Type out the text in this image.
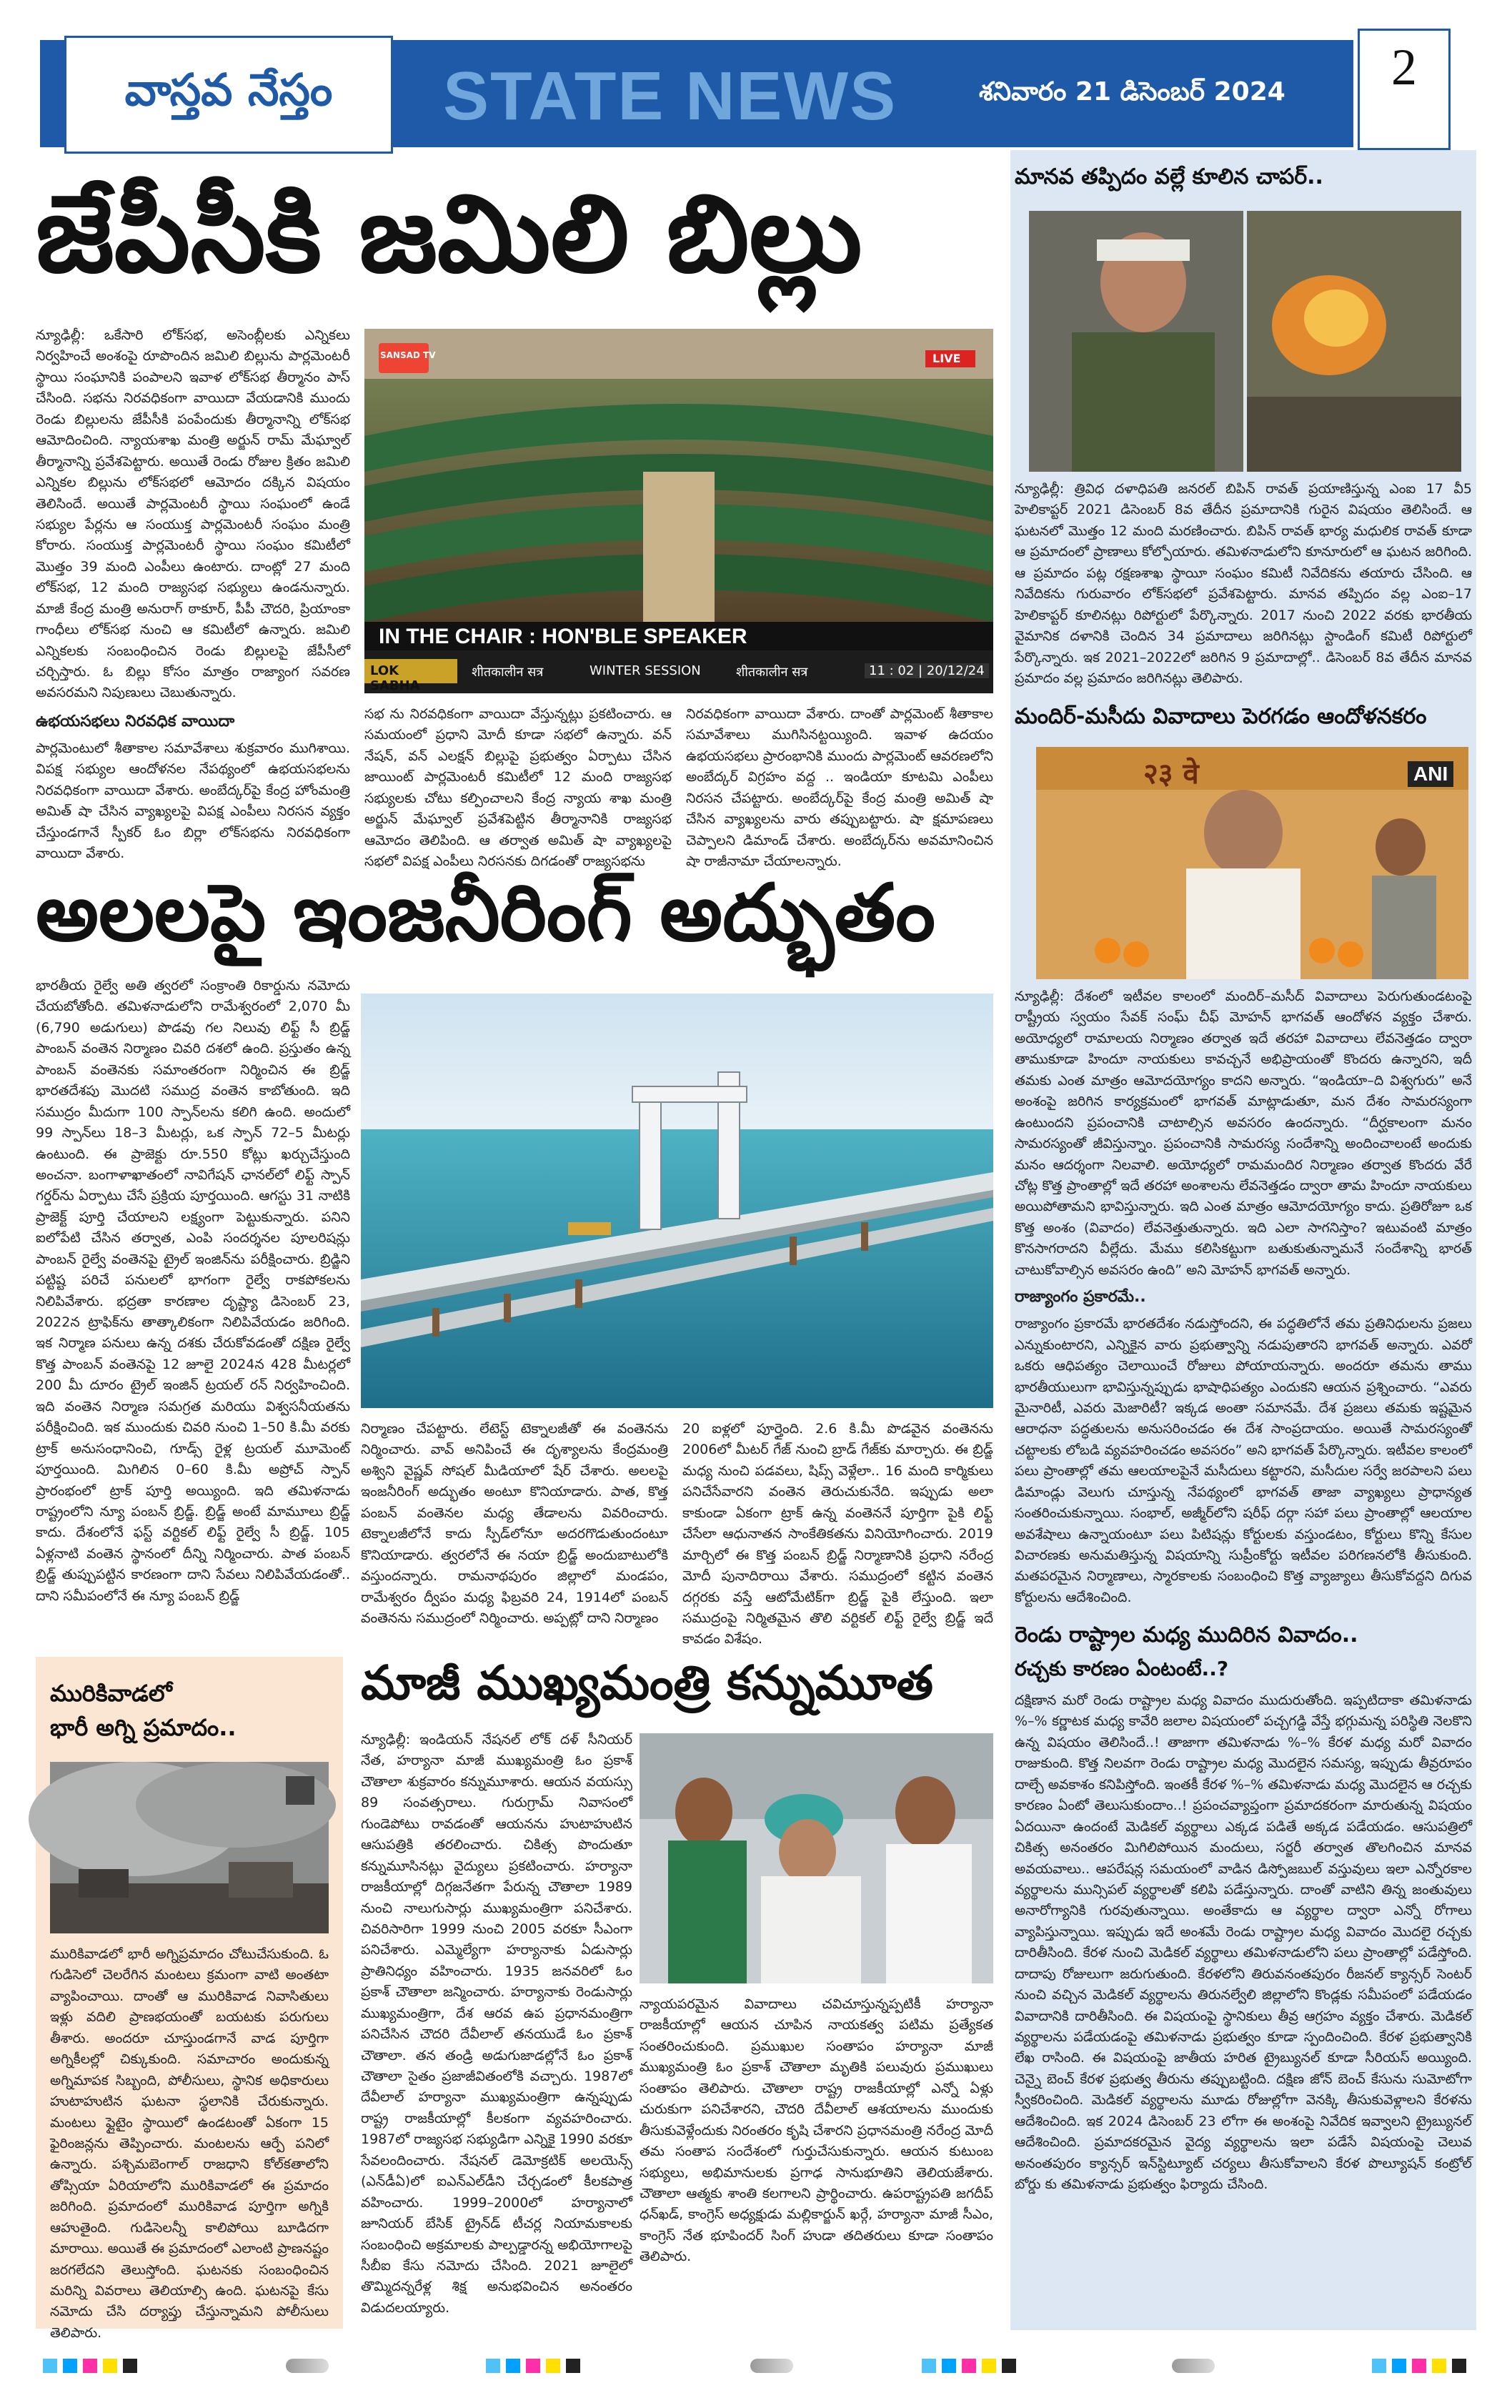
వాస్తవ నేస్తం	STATE NEWS	శనివారం 21 డిసెంబర్ 2024	2
జేపీసీకి జమిలి బిల్లు
న్యూఢిల్లీ: ఒకేసారి లోక్‌సభ, అసెంబ్లీలకు ఎన్నికలు నిర్వహించే అంశంపై రూపొందిన జమిలి బిల్లును పార్లమెంటరీ స్థాయి సంఘానికి పంపాలని ఇవాళ లోక్‌సభ తీర్మానం పాస్ చేసింది. సభను నిరవధికంగా వాయిదా వేయడానికి ముందు రెండు బిల్లులను జేపీసీకి పంపేందుకు తీర్మానాన్ని లోక్‌సభ ఆమోదించింది. న్యాయశాఖ మంత్రి అర్జున్ రామ్ మేఘ్వాల్ తీర్మానాన్ని ప్రవేశపెట్టారు. అయితే రెండు రోజుల క్రితం జమిలి ఎన్నికల బిల్లును లోక్‌సభలో ఆమోదం దక్కిన విషయం తెలిసిందే. అయితే పార్లమెంటరీ స్థాయి సంఘంలో ఉండే సభ్యుల పేర్లను ఆ సంయుక్త పార్లమెంటరీ సంఘం మంత్రి కోరారు. సంయుక్త పార్లమెంటరీ స్థాయి సంఘం కమిటీలో మొత్తం 39 మంది ఎంపీలు ఉంటారు. దాంట్లో 27 మంది లోక్‌సభ, 12 మంది రాజ్యసభ సభ్యులు ఉండనున్నారు. మాజీ కేంద్ర మంత్రి అనురాగ్ ఠాకూర్, పీపీ చౌదరి, ప్రియాంకా గాంధీలు లోక్‌సభ నుంచి ఆ కమిటీలో ఉన్నారు. జమిలి ఎన్నికలకు సంబంధించిన రెండు బిల్లులపై జేపీసీలో చర్చిస్తారు. ఓ బిల్లు కోసం మాత్రం రాజ్యాంగ సవరణ అవసరమని నిపుణులు చెబుతున్నారు.
ఉభయసభలు నిరవధిక వాయిదా
పార్లమెంటులో శీతాకాల సమావేశాలు శుక్రవారం ముగిశాయి. విపక్ష సభ్యుల ఆందోళనల నేపథ్యంలో ఉభయసభలను నిరవధికంగా వాయిదా వేశారు. అంబేద్కర్‌పై కేంద్ర హోంమంత్రి అమిత్ షా చేసిన వ్యాఖ్యలపై విపక్ష ఎంపీలు నిరసన వ్యక్తం చేస్తుండగానే స్పీకర్ ఓం బిర్లా లోక్‌సభను నిరవధికంగా వాయిదా వేశారు.
SANSAD TV	LIVE
IN THE CHAIR : HON'BLE SPEAKER
LOK SABHA
शीतकालीन सत्र	WINTER SESSION	शीतकालीन सत्र	11 : 02 | 20/12/24
సభ ను నిరవధికంగా వాయిదా వేస్తున్నట్లు ప్రకటించారు. ఆ సమయంలో ప్రధాని మోదీ కూడా సభలో ఉన్నారు. వన్ నేషన్, వన్ ఎలక్షన్ బిల్లుపై ప్రభుత్వం ఏర్పాటు చేసిన జాయింట్ పార్లమెంటరీ కమిటీలో 12 మంది రాజ్యసభ సభ్యులకు చోటు కల్పించాలని కేంద్ర న్యాయ శాఖ మంత్రి అర్జున్ మేఘ్వాల్ ప్రవేశపెట్టిన తీర్మానానికి రాజ్యసభ ఆమోదం తెలిపింది. ఆ తర్వాత అమిత్ షా వ్యాఖ్యలపై సభలో విపక్ష ఎంపీలు నిరసనకు దిగడంతో రాజ్యసభను
నిరవధికంగా వాయిదా వేశారు. దాంతో పార్లమెంట్ శీతాకాల సమావేశాలు ముగిసినట్టయ్యింది. ఇవాళ ఉదయం ఉభయసభలు ప్రారంభానికి ముందు పార్లమెంట్ ఆవరణలోని అంబేద్కర్ విగ్రహం వద్ద .. ఇండియా కూటమి ఎంపీలు నిరసన చేపట్టారు. అంబేద్కర్‌పై కేంద్ర మంత్రి అమిత్ షా చేసిన వ్యాఖ్యలను వారు తప్పుబట్టారు. షా క్షమాపణలు చెప్పాలని డిమాండ్ చేశారు. అంబేద్కర్‌ను అవమానించిన షా రాజీనామా చేయాలన్నారు.
అలలపై ఇంజనీరింగ్ అద్భుతం
భారతీయ రైల్వే అతి త్వరలో సంక్రాంతి రికార్డును నమోదు చేయబోతోంది. తమిళనాడులోని రామేశ్వరంలో 2,070 మీ (6,790 అడుగులు) పొడవు గల నిలువు లిఫ్ట్ సీ బ్రిడ్జ్ పాంబన్ వంతెన నిర్మాణం చివరి దశలో ఉంది. ప్రస్తుతం ఉన్న పాంబన్ వంతెనకు సమాంతరంగా నిర్మించిన ఈ బ్రిడ్జ్ భారతదేశపు మొదటి సముద్ర వంతెన కాబోతుంది. ఇది సముద్రం మీదుగా 100 స్పాన్‌లను కలిగి ఉంది. అందులో 99 స్పాన్‌లు 18–3 మీటర్లు, ఒక స్పాన్ 72–5 మీటర్లు ఉంటుంది. ఈ ప్రాజెక్టు రూ.550 కోట్లు ఖర్చుచేస్తుంది అంచనా. బంగాళాఖాతంలో నావిగేషన్ ఛానల్‌లో లిఫ్ట్ స్పాన్ గర్డర్‌ను ఏర్పాటు చేసే ప్రక్రియ పూర్తయింది. ఆగస్టు 31 నాటికి ప్రాజెక్ట్ పూర్తి చేయాలని లక్ష్యంగా పెట్టుకున్నారు. పనిని ఐలోపేటి చేసిన తర్వాత, ఎంపి సందర్శనల పూలరిషన్లు పాంబన్ రైల్వే వంతెనపై ట్రైల్ ఇంజిన్‌ను పరీక్షించారు. బ్రిడ్జిని పట్టిష్ట పరిచే పనులలో భాగంగా రైల్వే రాకపోకలను నిలిపివేశారు. భద్రతా కారణాల దృష్ట్యా డిసెంబర్ 23, 2022న ట్రాఫిక్‌ను తాత్కాలికంగా నిలిపివేయడం జరిగింది. ఇక నిర్మాణ పనులు ఉన్న దశకు చేరుకోవడంతో దక్షిణ రైల్వే కొత్త పాంబన్ వంతెనపై 12 జూలై 2024న 428 మీటర్లలో 200 మీ దూరం ట్రైల్ ఇంజిన్ ట్రయల్ రన్ నిర్వహించింది. ఇది వంతెన నిర్మాణ సమగ్రత మరియు విశ్వసనీయతను పరీక్షించింది. ఇక ముందుకు చివరి నుంచి 1–50 కి.మీ వరకు ట్రాక్ అనుసంధానించి, గూడ్స్ రైళ్ల ట్రయల్ మూమెంట్ పూర్తయింది. మిగిలిన 0–60 కి.మీ అప్రోచ్ స్పాన్ ప్రారంభంలో ట్రాక్ పూర్తి అయ్యింది. ఇది తమిళనాడు రాష్ట్రంలోని న్యూ పంబన్ బ్రిడ్జ్. బ్రిడ్జ్ అంటే మామూలు బ్రిడ్జ్ కాదు. దేశంలోనే ఫస్ట్ వర్టికల్ లిఫ్ట్ రైల్వే సీ బ్రిడ్జ్. 105 ఏళ్లనాటి వంతెన స్థానంలో దీన్ని నిర్మించారు. పాత పంబన్ బ్రిడ్జ్ తుప్పుపట్టిన కారణంగా దాని సేవలు నిలిపివేయడంతో.. దాని సమీపంలోనే ఈ న్యూ పంబన్ బ్రిడ్జ్
నిర్మాణం చేపట్టారు. లేటెస్ట్ టెక్నాలజీతో ఈ వంతెనను నిర్మించారు. వావ్ అనిపించే ఈ దృశ్యాలను కేంద్రమంత్రి అశ్విని వైష్ణవ్ సోషల్ మీడియాలో షేర్ చేశారు. అలలపై ఇంజనీరింగ్ అద్భుతం అంటూ కొనియాడారు. పాత, కొత్త పంబన్ వంతెనల మధ్య తేడాలను వివరించారు. టెక్నాలజీలోనే కాదు స్పీడ్‌లోనూ అదరగొడుతుందంటూ కొనియాడారు. త్వరలోనే ఈ నయా బ్రిడ్జ్ అందుబాటులోకి వస్తుందన్నారు. రామనాథపురం జిల్లాలో మండపం, రామేశ్వరం ద్వీపం మధ్య ఫిబ్రవరి 24, 1914లో పంబన్ వంతెనను సముద్రంలో నిర్మించారు. అప్పట్లో దాని నిర్మాణం
20 ఐళ్లలో పూర్తైంది. 2.6 కి.మీ పొడవైన వంతెనను 2006లో మీటర్ గేజ్ నుంచి బ్రాడ్ గేజ్‌కు మార్చారు. ఈ బ్రిడ్జ్ మధ్య నుంచి పడవలు, షిప్స్ వెళ్లేలా.. 16 మంది కార్మికులు పనిచేసేవారని వంతెన తెరుచుకునేది. ఇప్పుడు అలా కాకుండా ఏకంగా ట్రాక్ ఉన్న వంతెననే పూర్తిగా పైకి లిఫ్ట్ చేసేలా ఆధునాతన సాంకేతికతను వినియోగించారు. 2019 మార్చిలో ఈ కొత్త పంబన్ బ్రిడ్జ్ నిర్మాణానికి ప్రధాని నరేంద్ర మోదీ పునాదిరాయి వేశారు. సముద్రంలో కట్టిన వంతెన దగ్గరకు వస్తే ఆటోమేటిక్‌గా బ్రిడ్జ్ పైకి లేస్తుంది. ఇలా సముద్రంపై నిర్మితమైన తొలి వర్టికల్ లిఫ్ట్ రైల్వే బ్రిడ్జ్ ఇదే కావడం విశేషం.
మురికివాడలో
భారీ అగ్ని ప్రమాదం..
మురికివాడలో భారీ అగ్నిప్రమాదం చోటుచేసుకుంది. ఓ గుడిసెలో చెలరేగిన మంటలు క్రమంగా వాటి అంతటా వ్యాపించాయి. దాంతో ఆ మురికివాడ నివాసితులు ఇళ్లు వదిలి ప్రాణభయంతో బయటకు పరుగులు తీశారు. అందరూ చూస్తుండగానే వాడ పూర్తిగా అగ్నికీలల్లో చిక్కుకుంది. సమాచారం అందుకున్న అగ్నిమాపక సిబ్బంది, పోలీసులు, స్థానిక అధికారులు హుటాహుటిన ఘటనా స్థలానికి చేరుకున్నారు. మంటలు ఫ్లైటైం స్థాయిలో ఉండటంతో ఏకంగా 15 ఫైరింజన్లను తెప్పించారు. మంటలను ఆర్పే పనిలో ఉన్నారు. పశ్చిమబెంగాల్ రాజధాని కోల్‌కతాలోని తోప్సియా ఏరియాలోని మురికివాడలో ఈ ప్రమాదం జరిగింది. ప్రమాదంలో మురికివాడ పూర్తిగా అగ్నికి ఆహుతైంది. గుడిసెలన్నీ కాలిపోయి బూడిదగా మారాయి. అయితే ఈ ప్రమాదంలో ఎలాంటి ప్రాణనష్టం జరగలేదని తెలుస్తోంది. ఘటనకు సంబంధించిన మరిన్ని వివరాలు తెలియాల్సి ఉంది. ఘటనపై కేసు నమోదు చేసి దర్యాప్తు చేస్తున్నామని పోలీసులు తెలిపారు.
మాజీ ముఖ్యమంత్రి కన్నుమూత
న్యూఢిల్లీ: ఇండియన్ నేషనల్ లోక్ దళ్ సీనియర్ నేత, హర్యానా మాజీ ముఖ్యమంత్రి ఓం ప్రకాశ్ చౌతాలా శుక్రవారం కన్నుమూశారు. ఆయన వయస్సు 89 సంవత్సరాలు. గురుగ్రామ్ నివాసంలో గుండెపోటు రావడంతో ఆయనను హుటాహుటిన ఆసుపత్రికి తరలించారు. చికిత్స పొందుతూ కన్నుమూసినట్లు వైద్యులు ప్రకటించారు. హర్యానా రాజకీయాల్లో దిగ్గజనేతగా పేరున్న చౌతాలా 1989 నుంచి నాలుగుసార్లు ముఖ్యమంత్రిగా పనిచేశారు. చివరిసారిగా 1999 నుంచి 2005 వరకూ సీఎంగా పనిచేశారు. ఎమ్మెల్యేగా హర్యానాకు ఏడుసార్లు ప్రాతినిధ్యం వహించారు. 1935 జనవరిలో ఓం ప్రకాశ్ చౌతాలా జన్మించారు. హర్యానాకు రెండుసార్లు ముఖ్యమంత్రిగా, దేశ ఆరవ ఉప ప్రధానమంత్రిగా పనిచేసిన చౌదరి దేవీలాల్ తనయుడే ఓం ప్రకాశ్ చౌతాలా. తన తండ్రి అడుగుజాడల్లోనే ఓం ప్రకాశ్ చౌతాలా సైతం ప్రజాజీవితంలోకి వచ్చారు. 1987లో దేవీలాల్ హర్యానా ముఖ్యమంత్రిగా ఉన్నప్పుడు రాష్ట్ర రాజకీయాల్లో కీలకంగా వ్యవహరించారు. 1987లో రాజ్యసభ సభ్యుడిగా ఎన్నికై 1990 వరకూ సేవలందించారు. నేషనల్ డెమోక్రటిక్ అలయెన్స్ (ఎన్‌డీఏ)లో ఐఎన్ఎల్‌డీని చేర్చడంలో కీలకపాత్ర వహించారు. 1999–2000లో హర్యానాలో జూనియర్ బేసిక్ ట్రైన్‌డ్ టీచర్ల నియామకాలకు సంబంధించి అక్రమాలకు పాల్పడ్డారన్న అభియోగాలపై సీబీఐ కేసు నమోదు చేసింది. 2021 జూలైలో తొమ్మిదన్నరేళ్ల శిక్ష అనుభవించిన అనంతరం విడుదలయ్యారు.
న్యాయపరమైన వివాదాలు చవిచూస్తున్నప్పటికీ హర్యానా రాజకీయాల్లో ఆయన చూపిన నాయకత్వ పటిమ ప్రత్యేకత సంతరించుకుంది. ప్రముఖుల సంతాపం హర్యానా మాజీ ముఖ్యమంత్రి ఓం ప్రకాశ్ చౌతాలా మృతికి పలువురు ప్రముఖులు సంతాపం తెలిపారు. చౌతాలా రాష్ట్ర రాజకీయాల్లో ఎన్నో ఏళ్లు చురుకుగా పనిచేశారని, చౌదరి దేవీలాల్ ఆశయాలను ముందుకు తీసుకువెళ్లేందుకు నిరంతరం కృషి చేశారని ప్రధానమంత్రి నరేంద్ర మోదీ తమ సంతాప సందేశంలో గుర్తుచేసుకున్నారు. ఆయన కుటుంబ సభ్యులు, అభిమానులకు ప్రగాఢ సానుభూతిని తెలియజేశారు. చౌతాలా ఆత్మకు శాంతి కలగాలని ప్రార్థించారు. ఉపరాష్ట్రపతి జగదీప్ ధన్‌ఖడ్, కాంగ్రెస్ అధ్యక్షుడు మల్లికార్జున్ ఖర్గే, హర్యానా మాజీ సీఎం, కాంగ్రెస్ నేత భూపిందర్ సింగ్ హుడా తదితరులు కూడా సంతాపం తెలిపారు.
మానవ తప్పిదం వల్లే కూలిన చాపర్..
న్యూఢిల్లీ: త్రివిధ దళాధిపతి జనరల్ బిపిన్ రావత్ ప్రయాణిస్తున్న ఎంఐ 17 వీ5 హెలికాప్టర్ 2021 డిసెంబర్ 8వ తేదీన ప్రమాదానికి గురైన విషయం తెలిసిందే. ఆ ఘటనలో మొత్తం 12 మంది మరణించారు. బిపిన్ రావత్ భార్య మధులిక రావత్ కూడా ఆ ప్రమాదంలో ప్రాణాలు కోల్పోయారు. తమిళనాడులోని కూనూరులో ఆ ఘటన జరిగింది. ఆ ప్రమాదం పట్ల రక్షణశాఖ స్థాయీ సంఘం కమిటీ నివేదికను తయారు చేసింది. ఆ నివేదికను గురువారం లోక్‌సభలో ప్రవేశపెట్టారు. మానవ తప్పిదం వల్ల ఎంఐ–17 హెలికాప్టర్ కూలినట్లు రిపోర్టులో పేర్కొన్నారు. 2017 నుంచి 2022 వరకు భారతీయ వైమానిక దళానికి చెందిన 34 ప్రమాదాలు జరిగినట్లు స్టాండింగ్ కమిటీ రిపోర్టులో పేర్కొన్నారు. ఇక 2021–2022లో జరిగిన 9 ప్రమాదాల్లో.. డిసెంబర్ 8వ తేదీన మానవ ప్రమాదం వల్ల ప్రమాదం జరిగినట్లు తెలిపారు.
మందిర్-మసీదు వివాదాలు పెరగడం ఆందోళనకరం
ANI
२३ वे
న్యూఢిల్లీ: దేశంలో ఇటీవల కాలంలో మందిర్–మసీద్ వివాదాలు పెరుగుతుండటంపై రాష్ట్రీయ స్వయం సేవక్ సంఘ్ చీఫ్ మోహన్ భాగవత్ ఆందోళన వ్యక్తం చేశారు. అయోధ్యలో రామాలయ నిర్మాణం తర్వాత ఇదే తరహా వివాదాలు లేవనెత్తడం ద్వారా తాముకూడా హిందూ నాయకులు కావచ్చనే అభిప్రాయంతో కొందరు ఉన్నారని, ఇదీ తమకు ఎంత మాత్రం ఆమోదయోగ్యం కాదని అన్నారు. “ఇండియా–ది విశ్వగురు” అనే అంశంపై జరిగిన కార్యక్రమంలో భాగవత్ మాట్లాడుతూ, మన దేశం సామరస్యంగా ఉంటుందని ప్రపంచానికి చాటాల్సిన అవసరం ఉందన్నారు. “దీర్ఘకాలంగా మనం సామరస్యంతో జీవిస్తున్నాం. ప్రపంచానికి సామరస్య సందేశాన్ని అందించాలంటే అందుకు మనం ఆదర్శంగా నిలవాలి. అయోధ్యలో రామమందిర నిర్మాణం తర్వాత కొందరు వేరే చోట్ల కొత్త ప్రాంతాల్లో ఇదే తరహా అంశాలను లేవనెత్తడం ద్వారా తామ హిందూ నాయకులు అయిపోతామని భావిస్తున్నారు. ఇది ఎంత మాత్రం ఆమోదయోగ్యం కాదు. ప్రతిరోజూ ఒక కొత్త అంశం (వివాదం) లేవనెత్తుతున్నారు. ఇది ఎలా సాగనిస్తాం? ఇటువంటి మాత్రం కొనసాగరాదని వీల్లేదు. మేము కలిసికట్టుగా బతుకుతున్నామనే సందేశాన్ని భారత్ చాటుకోవాల్సిన అవసరం ఉంది” అని మోహన్ భాగవత్ అన్నారు.
రాజ్యాంగం ప్రకారమే..
రాజ్యాంగం ప్రకారమే భారతదేశం నడుస్తోందని, ఈ పద్ధతిలోనే తమ ప్రతినిధులను ప్రజలు ఎన్నుకుంటారని, ఎన్నికైన వారు ప్రభుత్వాన్ని నడుపుతారని భాగవత్ అన్నారు. ఎవరో ఒకరు ఆధిపత్యం చెలాయించే రోజులు పోయాయన్నారు. అందరూ తమను తాము భారతీయులుగా భావిస్తున్నప్పుడు భాషాధిపత్యం ఎందుకని ఆయన ప్రశ్నించారు. “ఎవరు మైనారిటీ, ఎవరు మెజారిటీ? ఇక్కడ అంతా సమానమే. దేశ ప్రజలు తమకు ఇష్టమైన ఆరాధనా పద్ధతులను అనుసరించడం ఈ దేశ సాంప్రదాయం. అయితే సామరస్యంతో చట్టాలకు లోబడి వ్యవహరించడం అవసరం” అని భాగవత్ పేర్కొన్నారు. ఇటీవల కాలంలో పలు ప్రాంతాల్లో తమ ఆలయాలపైనే మసీదులు కట్టారని, మసీదుల సర్వే జరపాలని పలు డిమాండ్లు వెలుగు చూస్తున్న నేపథ్యంలో భాగవత్ తాజా వ్యాఖ్యలు ప్రాధాన్యత సంతరించుకున్నాయి. సంభాల్, అజ్మీర్‌లోని షరీఫ్ దర్గా సహా పలు ప్రాంతాల్లో ఆలయాల అవశేషాలు ఉన్నాయంటూ పలు పిటిషన్లు కోర్టులకు వస్తుండటం, కోర్టులు కొన్ని కేసుల విచారణకు అనుమతిస్తున్న విషయాన్ని సుప్రీంకోర్టు ఇటీవల పరిగణనలోకి తీసుకుంది. మతపరమైన నిర్మాణాలు, స్మారకాలకు సంబంధించి కొత్త వ్యాజ్యాలు తీసుకోవద్దని దిగువ కోర్టులను ఆదేశించింది.
రెండు రాష్ట్రాల మధ్య ముదిరిన వివాదం..
రచ్చకు కారణం ఏంటంటే..?
దక్షిణాన మరో రెండు రాష్ట్రాల మధ్య వివాదం ముదురుతోంది. ఇప్పటిదాకా తమిళనాడు %–% కర్ణాటక మధ్య కావేరి జలాల విషయంలో పచ్చగడ్డి వేస్తే భగ్గుమన్న పరిస్థితి నెలకొని ఉన్న విషయం తెలిసిందే..! తాజాగా తమిళనాడు %–% కేరళ మధ్య మరో వివాదం రాజుకుంది. కొత్త నిలవగా రెండు రాష్ట్రాల మధ్య మొదలైన సమస్య, ఇప్పుడు తీవ్రరూపం దాల్చే అవకాశం కనిపిస్తోంది. ఇంతకీ కేరళ %–% తమిళనాడు మధ్య మొదలైన ఆ రచ్చకు కారణం ఏంటో తెలుసుకుందాం..! ప్రపంచవ్యాప్తంగా ప్రమాదకరంగా మారుతున్న విషయం ఏదయినా ఉందంటే మెడికల్ వ్యర్థాలు ఎక్కడ పడితే అక్కడ పడేయడం. ఆసుపత్రిలో చికిత్స అనంతరం మిగిలిపోయిన మందులు, సర్జరీ తర్వాత తొలగించిన మానవ అవయవాలు.. ఆపరేషన్ల సమయంలో వాడిన డిస్పోజబుల్ వస్తువులు ఇలా ఎన్నోరకాల వ్యర్థాలను మున్సిపల్ వ్యర్థాలతో కలిపి పడేస్తున్నారు. దాంతో వాటిని తిన్న జంతువులు అనారోగ్యానికి గురవుతున్నాయి. అంతేకాదు ఆ వ్యర్థాల ద్వారా ఎన్నో రోగాలు వ్యాపిస్తున్నాయి. ఇప్పుడు ఇదే అంశమే రెండు రాష్ట్రాల మధ్య వివాదం మొదలై రచ్చకు దారితీసింది. కేరళ నుంచి మెడికల్ వ్యర్థాలు తమిళనాడులోని పలు ప్రాంతాల్లో పడేస్తోంది. దాదాపు రోజులుగా జరుగుతుంది. కేరళలోని తిరువనంతపురం రీజనల్ క్యాన్సర్ సెంటర్ నుంచి వచ్చిన మెడికల్ వ్యర్థాలను తిరునల్వేలి జిల్లాలోని కొండ్లకు సమీపంలో పడేయడం వివాదానికి దారితీసింది. ఈ విషయంపై స్థానికులు తీవ్ర ఆగ్రహం వ్యక్తం చేశారు. మెడికల్ వ్యర్థాలను పడేయడంపై తమిళనాడు ప్రభుత్వం కూడా స్పందించింది. కేరళ ప్రభుత్వానికి లేఖ రాసింది. ఈ విషయంపై జాతీయ హరిత ట్రైబ్యునల్ కూడా సీరియస్ అయ్యింది. చెన్నై బెంచ్‌ కేరళ ప్రభుత్వ తీరును తప్పుబట్టింది. దక్షిణ జోన్ బెంచ్ కేసును సుమోటోగా స్వీకరించింది. మెడికల్ వ్యర్థాలను మూడు రోజుల్లోగా వెనక్కి తీసుకువెళ్లాలని కేరళను ఆదేశించింది. ఇక 2024 డిసెంబర్ 23 లోగా ఈ అంశంపై నివేదిక ఇవ్వాలని ట్రైబ్యునల్ ఆదేశించింది. ప్రమాదకరమైన వైద్య వ్యర్థాలను ఇలా పడేసే విషయంపై చెలువ అనంతపురం క్యాన్సర్ ఇన్‌స్టిట్యూట్ చర్యలు తీసుకోవాలని కేరళ పొల్యూషన్ కంట్రోల్ బోర్డు కు తమిళనాడు ప్రభుత్వం ఫిర్యాదు చేసింది.
